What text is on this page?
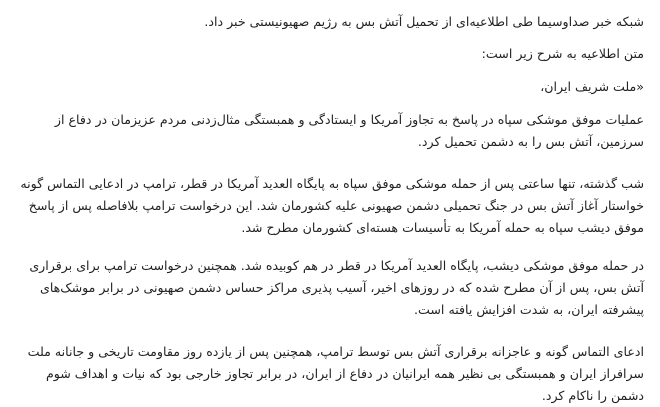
شبکه خبر صداوسیما طی اطلاعیه‌ای از تحمیل آتش بس به رژیم صهیونیستی خبر داد.

متن اطلاعیه به شرح زیر است:

«ملت شریف ایران،

عملیات موفق موشکی سپاه در پاسخ به تجاوز آمریکا و ایستادگی و همبستگی مثال‌زدنی مردم عزیزمان در دفاع از سرزمین، آتش بس را به دشمن تحمیل کرد.

شب گذشته، تنها ساعتی پس از حمله موشکی موفق سپاه به پایگاه العدید آمریکا در قطر، ترامپ در ادعایی التماس گونه خواستار آغاز آتش بس در جنگ تحمیلی دشمن صهیونی علیه کشورمان شد. این درخواست ترامپ بلافاصله پس از پاسخ موفق دیشب سپاه به حمله آمریکا به تأسیسات هسته‌ای کشورمان مطرح شد.

در حمله موفق موشکی دیشب، پایگاه العدید آمریکا در قطر در هم کوبیده شد. همچنین درخواست ترامپ برای برقراری آتش بس، پس از آن مطرح شده که در روزهای اخیر، آسیب پذیری مراکز حساس دشمن صهیونی در برابر موشک‌های پیشرفته ایران، به شدت افزایش یافته است.

ادعای التماس گونه و عاجزانه برقراری آتش بس توسط ترامپ، همچنین پس از یازده روز مقاومت تاریخی و جانانه ملت سرافراز ایران و همبستگی بی نظیر همه ایرانیان در دفاع از ایران، در برابر تجاوز خارجی بود که نیات و اهداف شوم دشمن را ناکام کرد.
